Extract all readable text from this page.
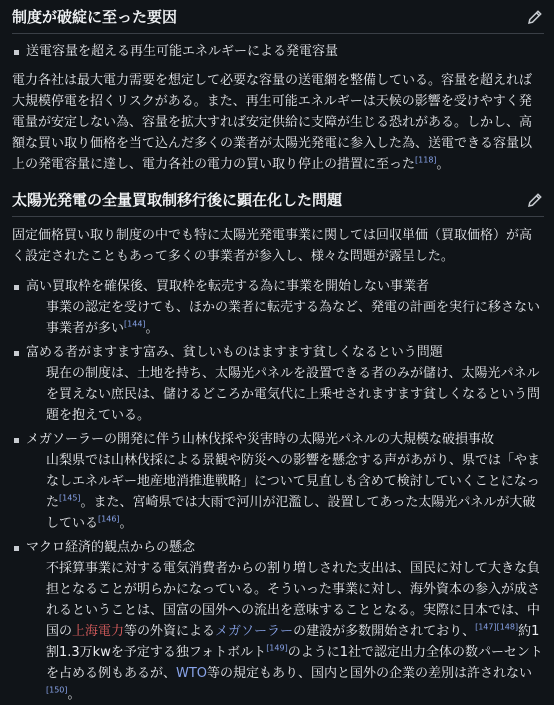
制度が破綻に至った要因
送電容量を超える再生可能エネルギーによる発電容量

電力各社は最大電力需要を想定して必要な容量の送電網を整備している。容量を超えれば大規模停電を招くリスクがある。また、再生可能エネルギーは天候の影響を受けやすく発電量が安定しない為、容量を拡大すれば安定供給に支障が生じる恐れがある。しかし、高額な買い取り価格を当て込んだ多くの業者が太陽光発電に参入した為、送電できる容量以上の発電容量に達し、電力各社の電力の買い取り停止の措置に至った[118]。

太陽光発電の全量買取制移行後に顕在化した問題

固定価格買い取り制度の中でも特に太陽光発電事業に関しては回収単価（買取価格）が高く設定されたこともあって多くの事業者が参入し、様々な問題が露呈した。

高い買取枠を確保後、買取枠を転売する為に事業を開始しない事業者
事業の認定を受けても、ほかの業者に転売する為など、発電の計画を実行に移さない事業者が多い[144]。
富める者がますます富み、貧しいものはますます貧しくなるという問題
現在の制度は、土地を持ち、太陽光パネルを設置できる者のみが儲け、太陽光パネルを買えない庶民は、儲けるどころか電気代に上乗せされますます貧しくなるという問題を抱えている。
メガソーラーの開発に伴う山林伐採や災害時の太陽光パネルの大規模な破損事故
山梨県では山林伐採による景観や防災への影響を懸念する声があがり、県では「やまなしエネルギー地産地消推進戦略」について見直しも含めて検討していくことになった[145]。また、宮崎県では大雨で河川が氾濫し、設置してあった太陽光パネルが大破している[146]。
マクロ経済的観点からの懸念
不採算事業に対する電気消費者からの割り増しされた支出は、国民に対して大きな負担となることが明らかになっている。そういった事業に対し、海外資本の参入が成されるということは、国富の国外への流出を意味することとなる。実際に日本では、中国の上海電力等の外資によるメガソーラーの建設が多数開始されており、[147][148]約1割1.3万kwを予定する独フォトボルト[149]のように1社で認定出力全体の数パーセントを占める例もあるが、WTO等の規定もあり、国内と国外の企業の差別は許されない[150]。
